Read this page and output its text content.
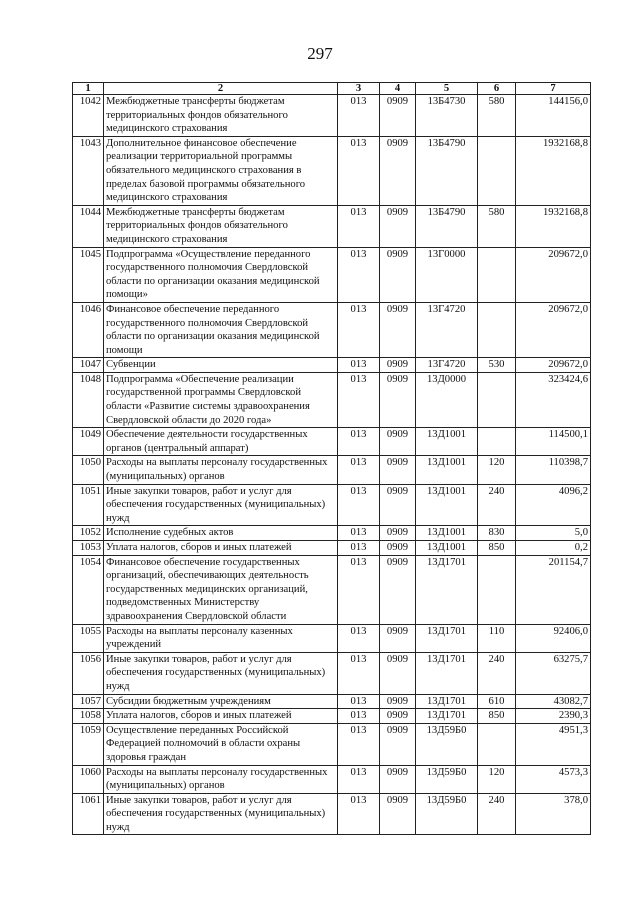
297
1	2	3	4	5	6	7
1042	Межбюджетные трансферты бюджетам территориальных фондов обязательного медицинского страхования	013	0909	13Б4730	580	144156,0
1043	Дополнительное финансовое обеспечение реализации территориальной программы обязательного медицинского страхования в пределах базовой программы обязательного медицинского страхования	013	0909	13Б4790		1932168,8
1044	Межбюджетные трансферты бюджетам территориальных фондов обязательного медицинского страхования	013	0909	13Б4790	580	1932168,8
1045	Подпрограмма «Осуществление переданного государственного полномочия Свердловской области по организации оказания медицинской помощи»	013	0909	13Г0000		209672,0
1046	Финансовое обеспечение переданного государственного полномочия Свердловской области по организации оказания медицинской помощи	013	0909	13Г4720		209672,0
1047	Субвенции	013	0909	13Г4720	530	209672,0
1048	Подпрограмма «Обеспечение реализации государственной программы Свердловской области «Развитие системы здравоохранения Свердловской области до 2020 года»	013	0909	13Д0000		323424,6
1049	Обеспечение деятельности государственных органов (центральный аппарат)	013	0909	13Д1001		114500,1
1050	Расходы на выплаты персоналу государственных (муниципальных) органов	013	0909	13Д1001	120	110398,7
1051	Иные закупки товаров, работ и услуг для обеспечения государственных (муниципальных) нужд	013	0909	13Д1001	240	4096,2
1052	Исполнение судебных актов	013	0909	13Д1001	830	5,0
1053	Уплата налогов, сборов и иных платежей	013	0909	13Д1001	850	0,2
1054	Финансовое обеспечение государственных организаций, обеспечивающих деятельность государственных медицинских организаций, подведомственных Министерству здравоохранения Свердловской области	013	0909	13Д1701		201154,7
1055	Расходы на выплаты персоналу казенных учреждений	013	0909	13Д1701	110	92406,0
1056	Иные закупки товаров, работ и услуг для обеспечения государственных (муниципальных) нужд	013	0909	13Д1701	240	63275,7
1057	Субсидии бюджетным учреждениям	013	0909	13Д1701	610	43082,7
1058	Уплата налогов, сборов и иных платежей	013	0909	13Д1701	850	2390,3
1059	Осуществление переданных Российской Федерацией полномочий в области охраны здоровья граждан	013	0909	13Д59Б0		4951,3
1060	Расходы на выплаты персоналу государственных (муниципальных) органов	013	0909	13Д59Б0	120	4573,3
1061	Иные закупки товаров, работ и услуг для обеспечения государственных (муниципальных) нужд	013	0909	13Д59Б0	240	378,0
